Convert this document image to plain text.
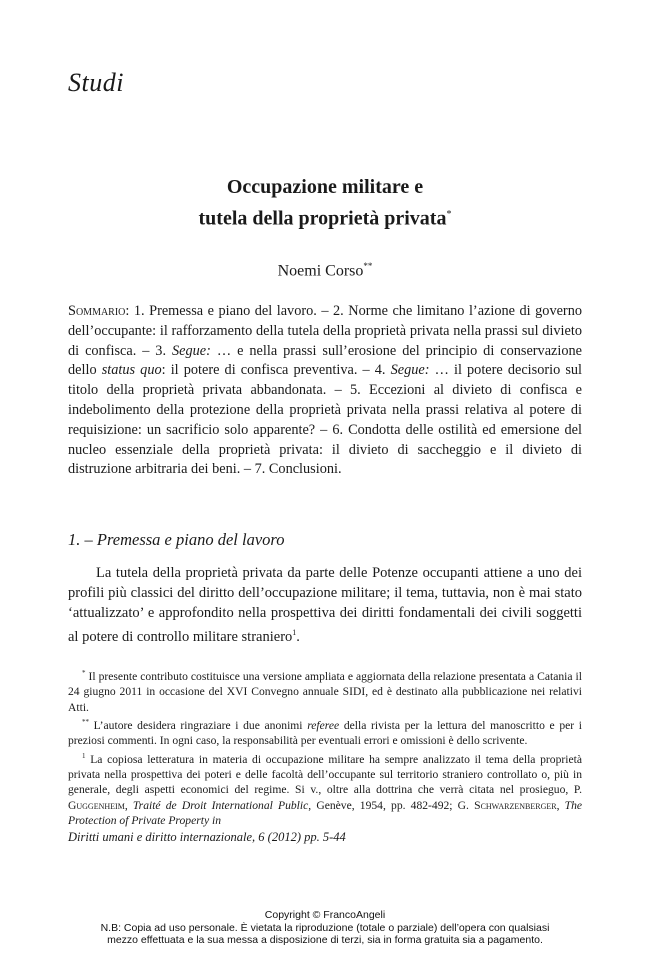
Studi
Occupazione militare e
tutela della proprietà privata*
Noemi Corso**

Sommario: 1. Premessa e piano del lavoro. – 2. Norme che limitano l’azione di governo dell’occupante: il rafforzamento della tutela della proprietà privata nella prassi sul divieto di confisca. – 3. Segue: … e nella prassi sull’erosione del principio di conservazione dello status quo: il potere di confisca preventiva. – 4. Segue: … il potere decisorio sul titolo della proprietà privata abbandonata. – 5. Eccezioni al divieto di confisca e indebolimento della protezione della proprietà privata nella prassi relativa al potere di requisizione: un sacrificio solo apparente? – 6. Condotta delle ostilità ed emersione del nucleo essenziale della proprietà privata: il divieto di saccheggio e il divieto di distruzione arbitraria dei beni. – 7. Conclusioni.

1. – Premessa e piano del lavoro

La tutela della proprietà privata da parte delle Potenze occupanti attiene a uno dei profili più classici del diritto dell’occupazione militare; il tema, tuttavia, non è mai stato ‘attualizzato’ e approfondito nella prospettiva dei diritti fondamentali dei civili soggetti al potere di controllo militare straniero$^1$.

* Il presente contributo costituisce una versione ampliata e aggiornata della relazione presentata a Catania il 24 giugno 2011 in occasione del XVI Convegno annuale SIDI, ed è destinato alla pubblicazione nei relativi Atti.

** L’autore desidera ringraziare i due anonimi referee della rivista per la lettura del manoscritto e per i preziosi commenti. In ogni caso, la responsabilità per eventuali errori e omissioni è dello scrivente.

$^1$ La copiosa letteratura in materia di occupazione militare ha sempre analizzato il tema della proprietà privata nella prospettiva dei poteri e delle facoltà dell’occupante sul territorio straniero controllato o, più in generale, degli aspetti economici del regime. Si v., oltre alla dottrina che verrà citata nel prosieguo, P. Guggenheim, Traité de Droit International Public, Genève, 1954, pp. 482-492; G. Schwarzenberger, The Protection of Private Property in

Diritti umani e diritto internazionale, 6 (2012) pp. 5-44
Copyright © FrancoAngeli
N.B: Copia ad uso personale. È vietata la riproduzione (totale o parziale) dell’opera con qualsiasi
mezzo effettuata e la sua messa a disposizione di terzi, sia in forma gratuita sia a pagamento.
